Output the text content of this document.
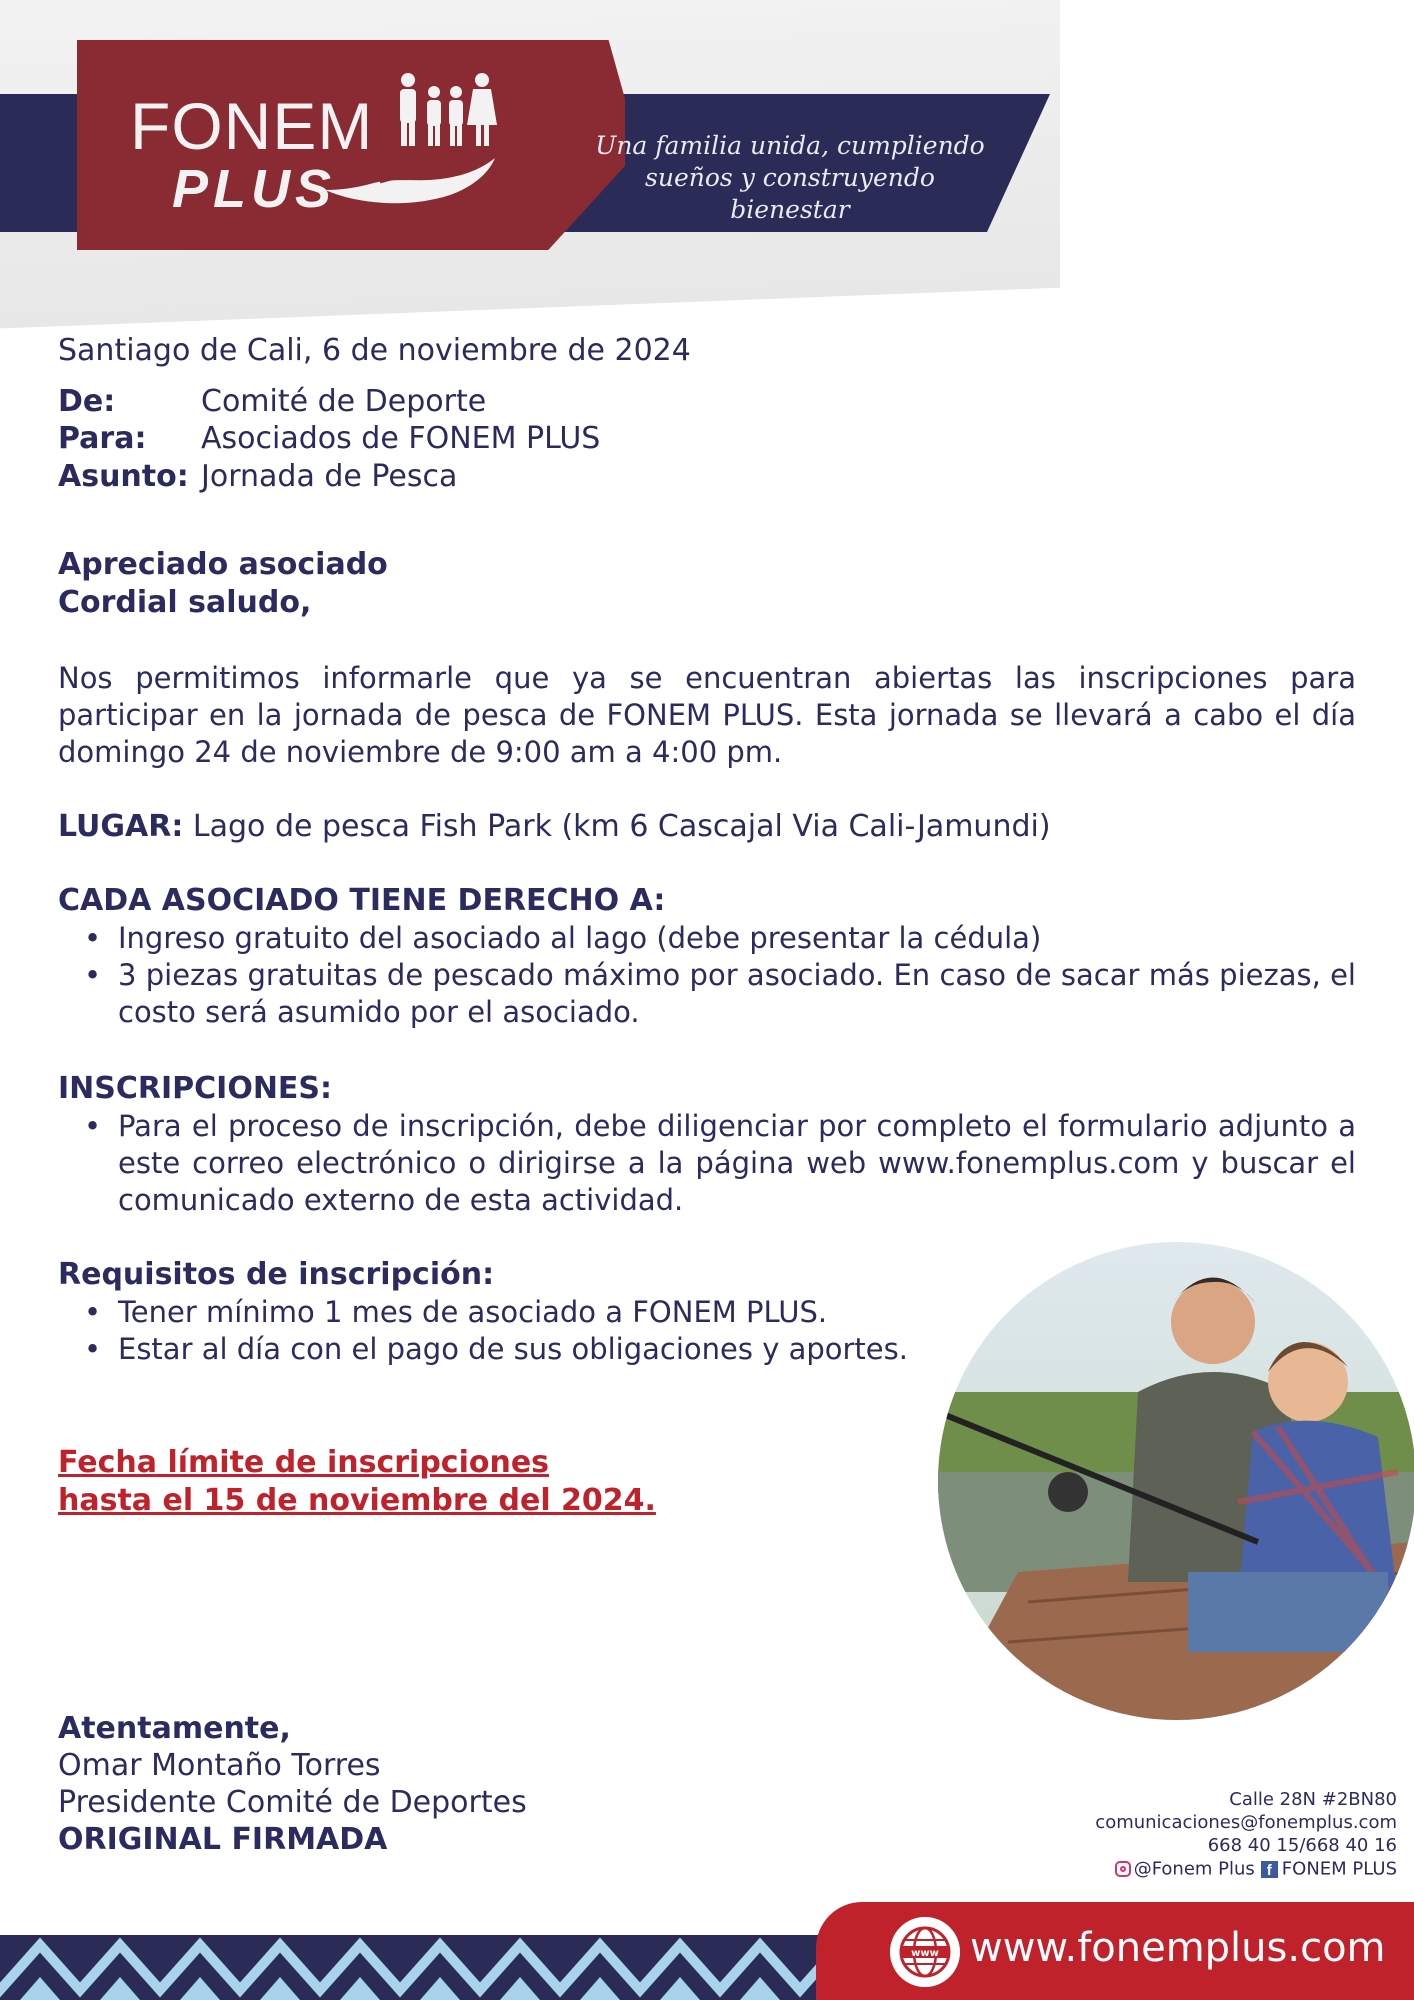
FONEM
PLUS
Una familia unida, cumpliendo
sueños y construyendo bienestar
Santiago de Cali, 6 de noviembre de 2024
De:	Comité de Deporte
Para: Asociados de FONEM PLUS
Asunto: Jornada de Pesca
Apreciado asociado
Cordial saludo,
Nos permitimos informarle que ya se encuentran abiertas las inscripciones para participar en la jornada de pesca de FONEM PLUS. Esta jornada se llevará a cabo el día domingo 24 de noviembre de 9:00 am a 4:00 pm.
LUGAR: Lago de pesca Fish Park (km 6 Cascajal Via Cali-Jamundi)
CADA ASOCIADO TIENE DERECHO A:
• Ingreso gratuito del asociado al lago (debe presentar la cédula)
• 3 piezas gratuitas de pescado máximo por asociado. En caso de sacar más piezas, el costo será asumido por el asociado.
INSCRIPCIONES:
• Para el proceso de inscripción, debe diligenciar por completo el formulario adjunto a este correo electrónico o dirigirse a la página web www.fonemplus.com y buscar el comunicado externo de esta actividad.
Requisitos de inscripción:
• Tener mínimo 1 mes de asociado a FONEM PLUS.
• Estar al día con el pago de sus obligaciones y aportes.
Fecha límite de inscripciones
hasta el 15 de noviembre del 2024.
Atentamente,
Omar Montaño Torres
Presidente Comité de Deportes
ORIGINAL FIRMADA
Calle 28N #2BN80
comunicaciones@fonemplus.com
668 40 15/668 40 16
@Fonem Plus f FONEM PLUS
www www.fonemplus.com
